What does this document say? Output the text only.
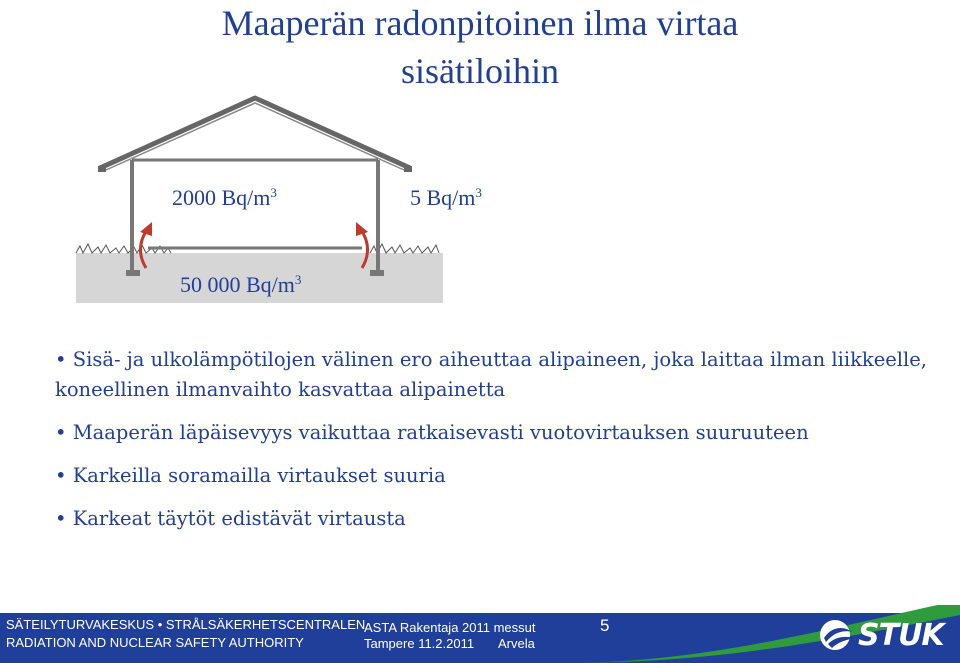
Maaperän radonpitoinen ilma virtaa
sisätiloihin
2000 $Bq/m^3$	5 $Bq/m^3$
50 000 $Bq/m^3$
• Sisä- ja ulkolämpötilojen välinen ero aiheuttaa alipaineen, joka laittaa ilman liikkeelle, koneellinen ilmanvaihto kasvattaa alipainetta
• Maaperän läpäisevyys vaikuttaa ratkaisevasti vuotovirtauksen suuruuteen
• Karkeilla soramailla virtaukset suuria
• Karkeat täytöt edistävät virtausta
SÄTEILYTURVAKESKUS • STRÅLSÄKERHETSCENTRALEN
RADIATION AND NUCLEAR SAFETY AUTHORITY
ASTA Rakentaja 2011 messut
Tampere 11.2.2011 Arvela
5	STUK
